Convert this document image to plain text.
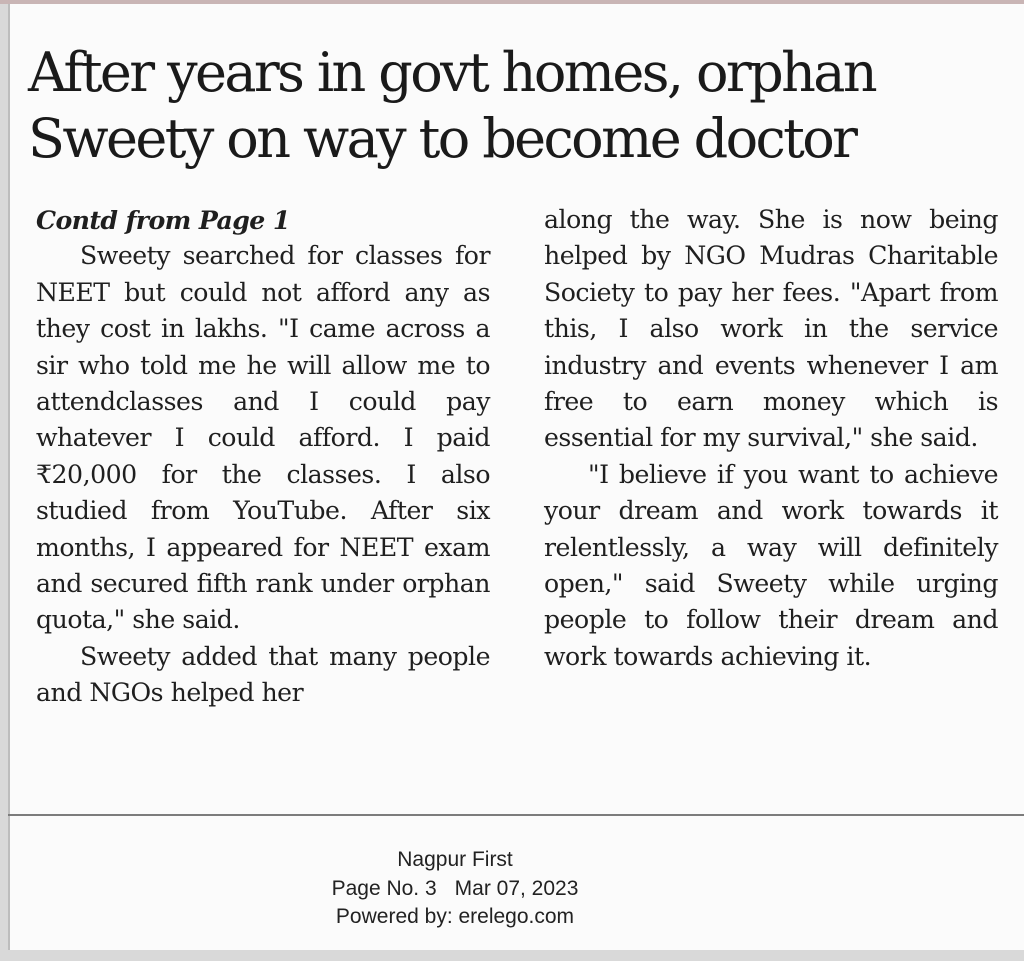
After years in govt homes, orphan Sweety on way to become doctor
Contd from Page 1

Sweety searched for classes for NEET but could not afford any as they cost in lakhs. "I came across a sir who told me he will allow me to attendclasses and I could pay whatever I could afford. I paid ₹20,000 for the classes. I also studied from YouTube. After six months, I appeared for NEET exam and secured fifth rank under orphan quota," she said.

Sweety added that many people and NGOs helped her

along the way. She is now being helped by NGO Mudras Charitable Society to pay her fees. "Apart from this, I also work in the service industry and events whenever I am free to earn money which is essential for my survival," she said.

"I believe if you want to achieve your dream and work towards it relentlessly, a way will definitely open," said Sweety while urging people to follow their dream and work towards achieving it.

Nagpur First
Page No. 3 Mar 07, 2023
Powered by: erelego.com
